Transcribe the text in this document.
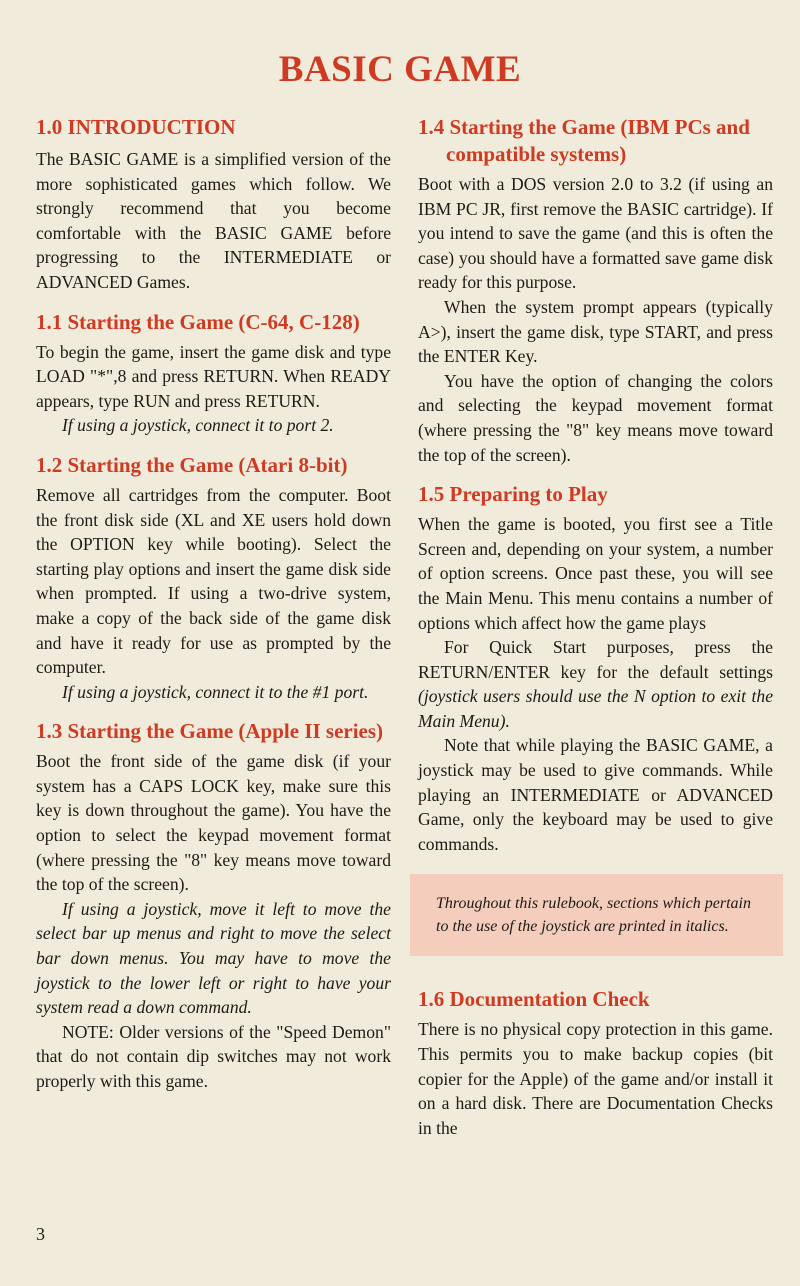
BASIC GAME
1.0 INTRODUCTION

The BASIC GAME is a simplified version of the more sophisticated games which follow. We strongly recommend that you become comfortable with the BASIC GAME before progressing to the INTERMEDIATE or ADVANCED Games.

1.1 Starting the Game (C-64, C-128)

To begin the game, insert the game disk and type LOAD "*",8 and press RETURN. When READY appears, type RUN and press RETURN.

If using a joystick, connect it to port 2.

1.2 Starting the Game (Atari 8-bit)

Remove all cartridges from the computer. Boot the front disk side (XL and XE users hold down the OPTION key while booting). Select the starting play options and insert the game disk side when prompted. If using a two-drive system, make a copy of the back side of the game disk and have it ready for use as prompted by the computer.

If using a joystick, connect it to the #1 port.

1.3 Starting the Game (Apple II series)

Boot the front side of the game disk (if your system has a CAPS LOCK key, make sure this key is down throughout the game). You have the option to select the keypad movement format (where pressing the "8" key means move toward the top of the screen).

If using a joystick, move it left to move the select bar up menus and right to move the select bar down menus. You may have to move the joystick to the lower left or right to have your system read a down command.

NOTE: Older versions of the "Speed Demon" that do not contain dip switches may not work properly with this game.

1.4 Starting the Game (IBM PCs and compatible systems)

Boot with a DOS version 2.0 to 3.2 (if using an IBM PC JR, first remove the BASIC cartridge). If you intend to save the game (and this is often the case) you should have a formatted save game disk ready for this purpose.

When the system prompt appears (typically A>), insert the game disk, type START, and press the ENTER Key.

You have the option of changing the colors and selecting the keypad movement format (where pressing the "8" key means move toward the top of the screen).

1.5 Preparing to Play

When the game is booted, you first see a Title Screen and, depending on your system, a number of option screens. Once past these, you will see the Main Menu. This menu contains a number of options which affect how the game plays

For Quick Start purposes, press the RETURN/ENTER key for the default settings (joystick users should use the N option to exit the Main Menu).

Note that while playing the BASIC GAME, a joystick may be used to give commands. While playing an INTERMEDIATE or ADVANCED Game, only the keyboard may be used to give commands.

Throughout this rulebook, sections which pertain to the use of the joystick are printed in italics.

1.6 Documentation Check

There is no physical copy protection in this game. This permits you to make backup copies (bit copier for the Apple) of the game and/or install it on a hard disk. There are Documentation Checks in the

3
